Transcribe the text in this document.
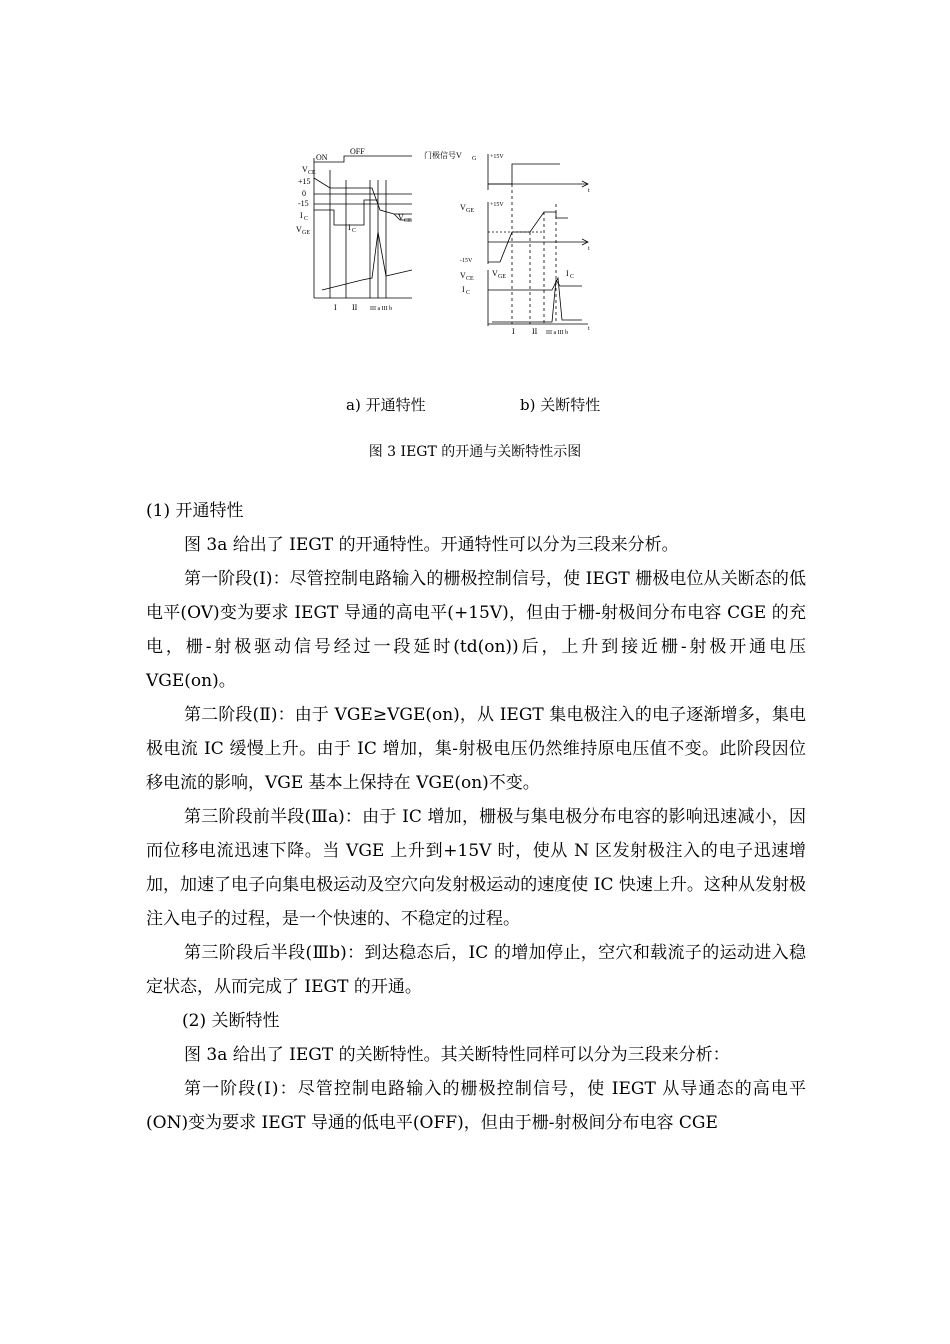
ON
OFF
V CE
+15
0
-15
I C
V GE
I C
V CE
I II III a III b
门极信号V G +15V
V GE
+15V
-15V
V CE
V GE
I C
I C
t
t
t
I II III a III b
a) 开通特性	b) 关断特性
图 3 IEGT 的开通与关断特性示图

(1) 开通特性

图 3a 给出了 IEGT 的开通特性。开通特性可以分为三段来分析。

第一阶段(Ⅰ)：尽管控制电路输入的栅极控制信号，使 IEGT 栅极电位从关断态的低电平(OV)变为要求 IEGT 导通的高电平(+15V)，但由于栅-射极间分布电容 CGE 的充电，栅-射极驱动信号经过一段延时(td(on))后，上升到接近栅-射极开通电压 VGE(on)。

第二阶段(Ⅱ)：由于 VGE≥VGE(on)，从 IEGT 集电极注入的电子逐渐增多，集电极电流 IC 缓慢上升。由于 IC 增加，集-射极电压仍然维持原电压值不变。此阶段因位移电流的影响，VGE 基本上保持在 VGE(on)不变。

第三阶段前半段(Ⅲa)：由于 IC 增加，栅极与集电极分布电容的影响迅速减小，因而位移电流迅速下降。当 VGE 上升到+15V 时，使从 N 区发射极注入的电子迅速增加，加速了电子向集电极运动及空穴向发射极运动的速度使 IC 快速上升。这种从发射极注入电子的过程，是一个快速的、不稳定的过程。

第三阶段后半段(Ⅲb)：到达稳态后，IC 的增加停止，空穴和载流子的运动进入稳定状态，从而完成了 IEGT 的开通。

(2) 关断特性

图 3a 给出了 IEGT 的关断特性。其关断特性同样可以分为三段来分析：

第一阶段(Ⅰ)：尽管控制电路输入的栅极控制信号，使 IEGT 从导通态的高电平(ON)变为要求 IEGT 导通的低电平(OFF)，但由于栅-射极间分布电容 CGE
